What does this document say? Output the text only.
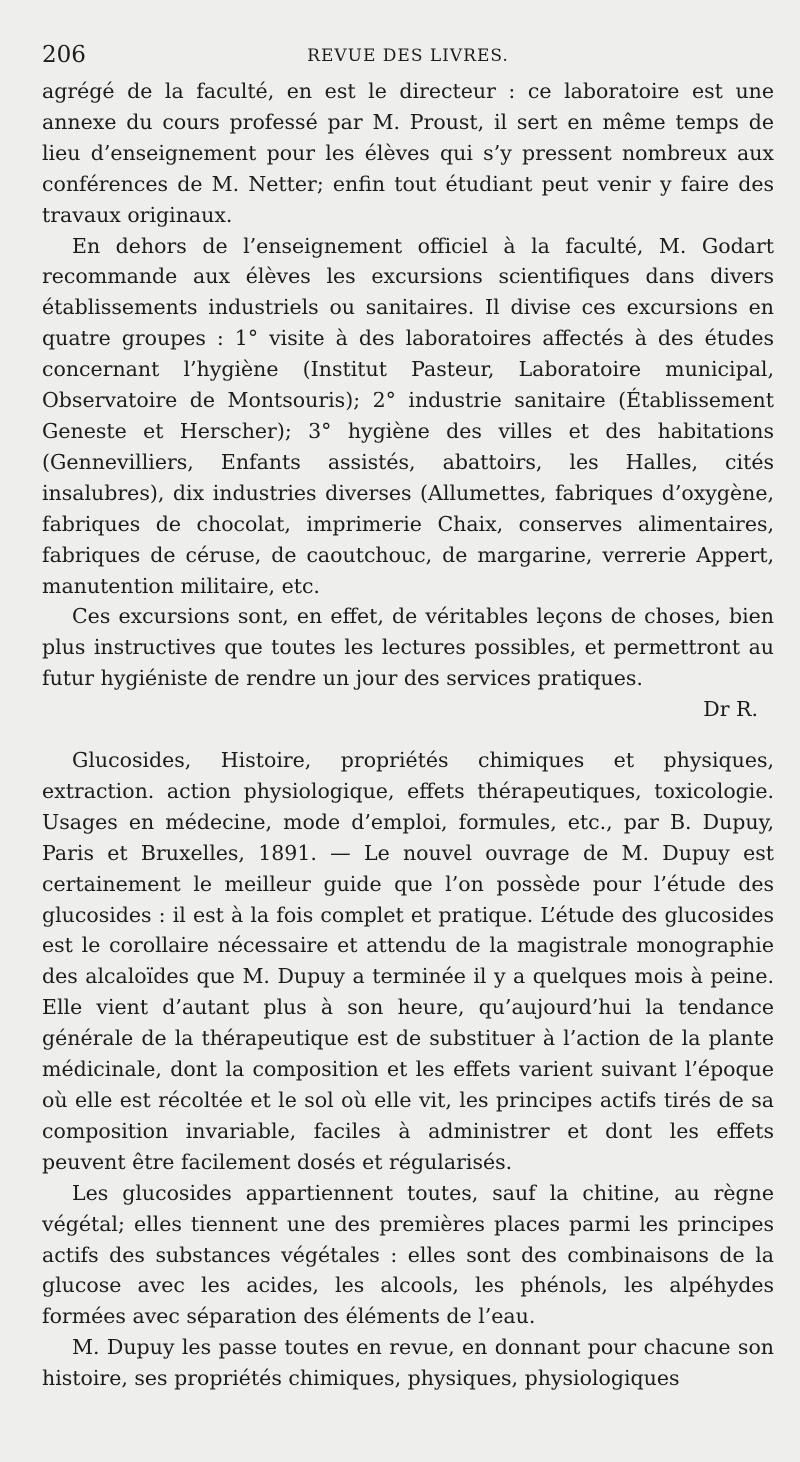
206	REVUE DES LIVRES.

agrégé de la faculté, en est le directeur : ce laboratoire est une annexe du cours professé par M. Proust, il sert en même temps de lieu d’enseignement pour les élèves qui s’y pressent nombreux aux conférences de M. Netter; enfin tout étudiant peut venir y faire des travaux originaux.

En dehors de l’enseignement officiel à la faculté, M. Godart recommande aux élèves les excursions scientifiques dans divers établissements industriels ou sanitaires. Il divise ces excursions en quatre groupes : 1° visite à des laboratoires affectés à des études concernant l’hygiène (Institut Pasteur, Laboratoire municipal, Observatoire de Montsouris); 2° industrie sanitaire (Établissement Geneste et Herscher); 3° hygiène des villes et des habitations (Gennevilliers, Enfants assistés, abattoirs, les Halles, cités insalubres), dix industries diverses (Allumettes, fabriques d’oxygène, fabriques de chocolat, imprimerie Chaix, conserves alimentaires, fabriques de céruse, de caoutchouc, de margarine, verrerie Appert, manutention militaire, etc.

Ces excursions sont, en effet, de véritables leçons de choses, bien plus instructives que toutes les lectures possibles, et permettront au futur hygiéniste de rendre un jour des services pratiques.

Dr R.

Glucosides, Histoire, propriétés chimiques et physiques, extraction. action physiologique, effets thérapeutiques, toxicologie. Usages en médecine, mode d’emploi, formules, etc., par B. Dupuy, Paris et Bruxelles, 1891. — Le nouvel ouvrage de M. Dupuy est certainement le meilleur guide que l’on possède pour l’étude des glucosides : il est à la fois complet et pratique. L’étude des glucosides est le corollaire nécessaire et attendu de la magistrale monographie des alcaloïdes que M. Dupuy a terminée il y a quelques mois à peine. Elle vient d’autant plus à son heure, qu’aujourd’hui la tendance générale de la thérapeutique est de substituer à l’action de la plante médicinale, dont la composition et les effets varient suivant l’époque où elle est récoltée et le sol où elle vit, les principes actifs tirés de sa composition invariable, faciles à administrer et dont les effets peuvent être facilement dosés et régularisés.

Les glucosides appartiennent toutes, sauf la chitine, au règne végétal; elles tiennent une des premières places parmi les principes actifs des substances végétales : elles sont des combinaisons de la glucose avec les acides, les alcools, les phénols, les alpéhydes formées avec séparation des éléments de l’eau.

M. Dupuy les passe toutes en revue, en donnant pour chacune son histoire, ses propriétés chimiques, physiques, physiologiques
